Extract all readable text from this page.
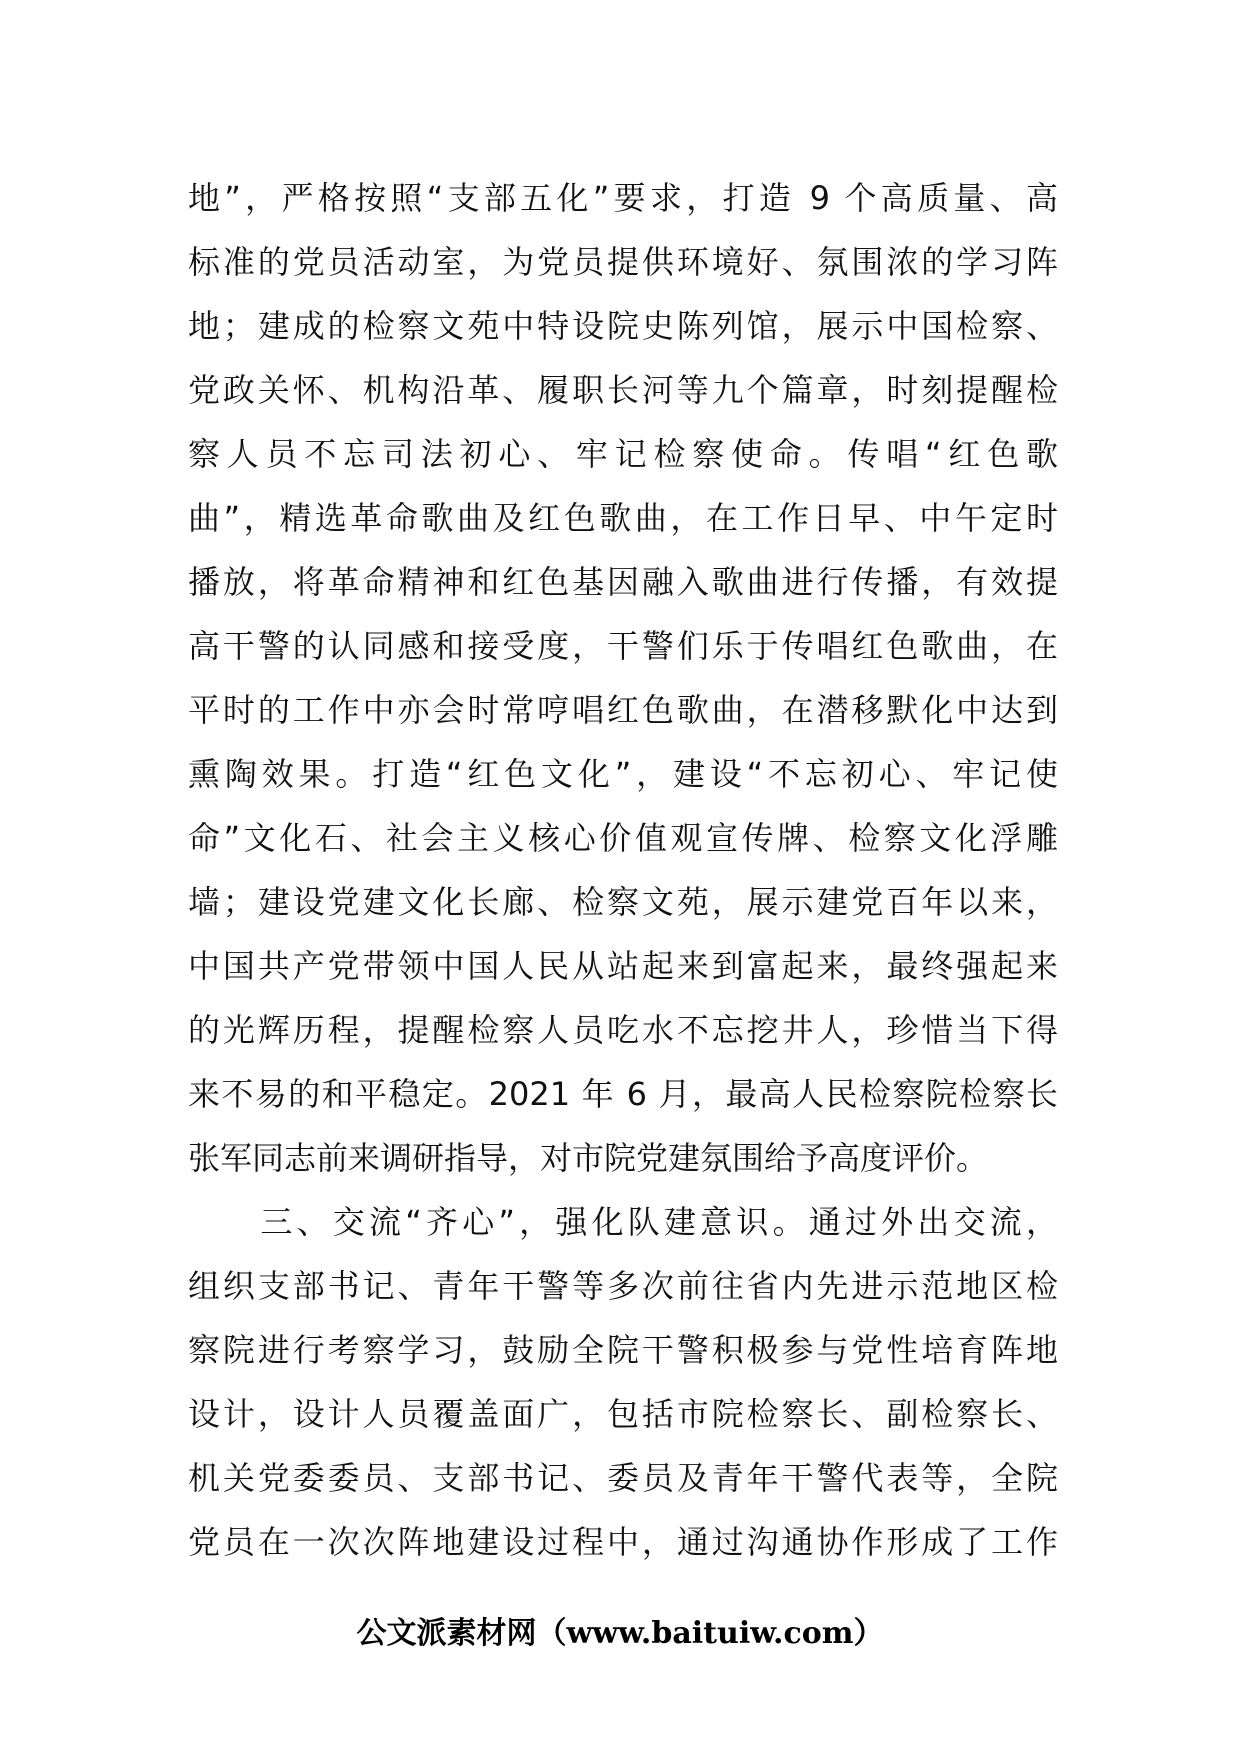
地”，严格按照“支部五化”要求，打造 9 个高质量、高
标准的党员活动室，为党员提供环境好、氛围浓的学习阵
地；建成的检察文苑中特设院史陈列馆，展示中国检察、
党政关怀、机构沿革、履职长河等九个篇章，时刻提醒检
察人员不忘司法初心、牢记检察使命。传唱“红色歌
曲”，精选革命歌曲及红色歌曲，在工作日早、中午定时
播放，将革命精神和红色基因融入歌曲进行传播，有效提
高干警的认同感和接受度，干警们乐于传唱红色歌曲，在
平时的工作中亦会时常哼唱红色歌曲，在潜移默化中达到
熏陶效果。打造“红色文化”，建设“不忘初心、牢记使
命”文化石、社会主义核心价值观宣传牌、检察文化浮雕
墙；建设党建文化长廊、检察文苑，展示建党百年以来，
中国共产党带领中国人民从站起来到富起来，最终强起来
的光辉历程，提醒检察人员吃水不忘挖井人，珍惜当下得
来不易的和平稳定。2021 年 6 月，最高人民检察院检察长
张军同志前来调研指导，对市院党建氛围给予高度评价。
　　三、交流“齐心”，强化队建意识。通过外出交流，
组织支部书记、青年干警等多次前往省内先进示范地区检
察院进行考察学习，鼓励全院干警积极参与党性培育阵地
设计，设计人员覆盖面广，包括市院检察长、副检察长、
机关党委委员、支部书记、委员及青年干警代表等，全院
党员在一次次阵地建设过程中，通过沟通协作形成了工作
公文派素材网（www.baituiw.com）
